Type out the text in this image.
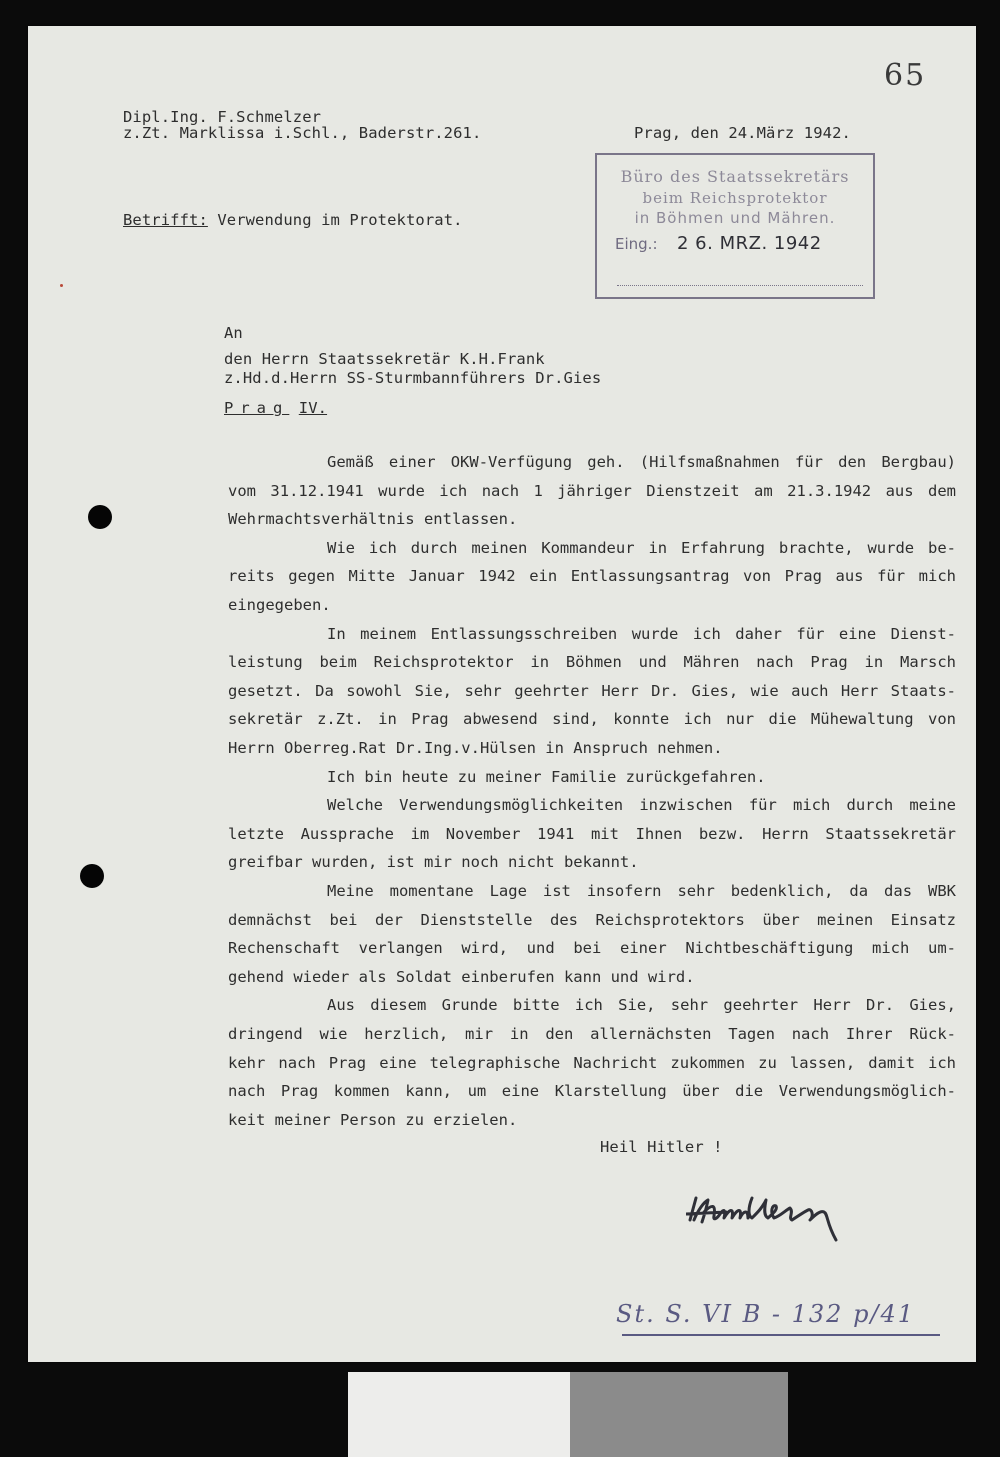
65
Dipl.Ing. F.Schmelzer
z.Zt. Marklissa i.Schl., Baderstr.261.	Prag, den 24.März 1942.
Betrifft: Verwendung im Protektorat.
Büro des Staatssekretärs
beim Reichsprotektor
in Böhmen und Mähren.
Eing.: 2 6. MRZ. 1942
An
den Herrn Staatssekretär K.H.Frank
z.Hd.d.Herrn SS-Sturmbannführers Dr.Gies
Prag IV.
Gemäß einer OKW-Verfügung geh. (Hilfsmaßnahmen für den Bergbau)
vom 31.12.1941 wurde ich nach 1 jähriger Dienstzeit am 21.3.1942 aus dem
Wehrmachtsverhältnis entlassen.
Wie ich durch meinen Kommandeur in Erfahrung brachte, wurde be-
reits gegen Mitte Januar 1942 ein Entlassungsantrag von Prag aus für mich
eingegeben.
In meinem Entlassungsschreiben wurde ich daher für eine Dienst-
leistung beim Reichsprotektor in Böhmen und Mähren nach Prag in Marsch
gesetzt. Da sowohl Sie, sehr geehrter Herr Dr. Gies, wie auch Herr Staats-
sekretär z.Zt. in Prag abwesend sind, konnte ich nur die Mühewaltung von
Herrn Oberreg.Rat Dr.Ing.v.Hülsen in Anspruch nehmen.
Ich bin heute zu meiner Familie zurückgefahren.
Welche Verwendungsmöglichkeiten inzwischen für mich durch meine
letzte Aussprache im November 1941 mit Ihnen bezw. Herrn Staatssekretär
greifbar wurden, ist mir noch nicht bekannt.
Meine momentane Lage ist insofern sehr bedenklich, da das WBK
demnächst bei der Dienststelle des Reichsprotektors über meinen Einsatz
Rechenschaft verlangen wird, und bei einer Nichtbeschäftigung mich um-
gehend wieder als Soldat einberufen kann und wird.
Aus diesem Grunde bitte ich Sie, sehr geehrter Herr Dr. Gies,
dringend wie herzlich, mir in den allernächsten Tagen nach Ihrer Rück-
kehr nach Prag eine telegraphische Nachricht zukommen zu lassen, damit ich
nach Prag kommen kann, um eine Klarstellung über die Verwendungsmöglich-
keit meiner Person zu erzielen.
Heil Hitler !
St. S. VI B - 132 p/41
